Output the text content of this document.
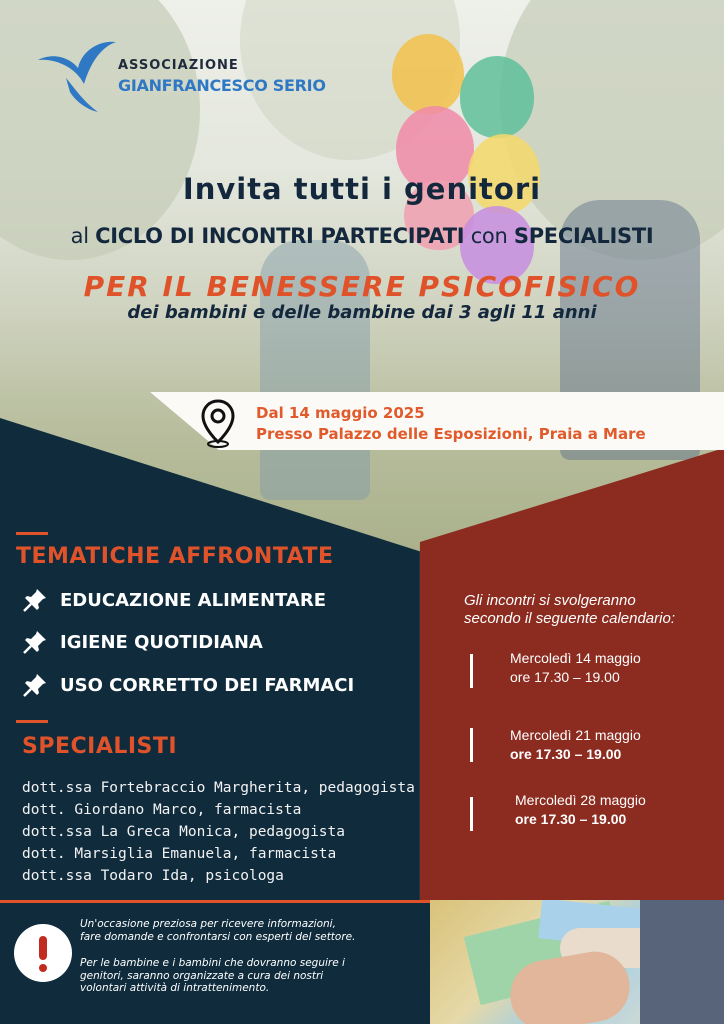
ASSOCIAZIONE
GIANFRANCESCO SERIO
Invita tutti i genitori
al CICLO DI INCONTRI PARTECIPATI con SPECIALISTI
PER IL BENESSERE PSICOFISICO
dei bambini e delle bambine dai 3 agli 11 anni
Dal 14 maggio 2025
Presso Palazzo delle Esposizioni, Praia a Mare
TEMATICHE AFFRONTATE
EDUCAZIONE ALIMENTARE
IGIENE QUOTIDIANA
USO CORRETTO DEI FARMACI
SPECIALISTI
dott.ssa Fortebraccio Margherita, pedagogista
dott. Giordano Marco, farmacista
dott.ssa La Greca Monica, pedagogista
dott. Marsiglia Emanuela, farmacista
dott.ssa Todaro Ida, psicologa
Gli incontri si svolgeranno
secondo il seguente calendario:
Mercoledì 14 maggio
ore 17.30 – 19.00
Mercoledì 21 maggio
ore 17.30 – 19.00
Mercoledì 28 maggio
ore 17.30 – 19.00
Un'occasione preziosa per ricevere informazioni,
fare domande e confrontarsi con esperti del settore.
Per le bambine e i bambini che dovranno seguire i
genitori, saranno organizzate a cura dei nostri
volontari attività di intrattenimento.
